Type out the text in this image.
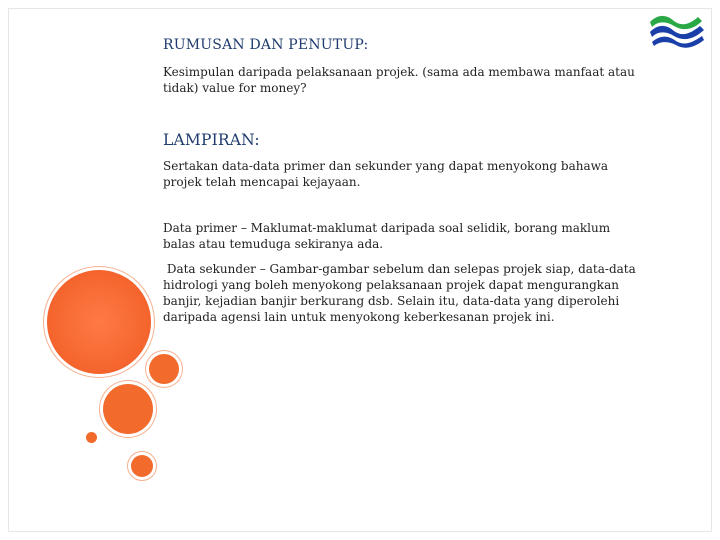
RUMUSAN DAN PENUTUP:

Kesimpulan daripada pelaksanaan projek. (sama ada membawa manfaat atau tidak) value for money?

LAMPIRAN:

Sertakan data-data primer dan sekunder yang dapat menyokong bahawa projek telah mencapai kejayaan.

Data primer – Maklumat-maklumat daripada soal selidik, borang maklum balas atau temuduga sekiranya ada.

Data sekunder – Gambar-gambar sebelum dan selepas projek siap, data-data hidrologi yang boleh menyokong pelaksanaan projek dapat mengurangkan banjir, kejadian banjir berkurang dsb. Selain itu, data-data yang diperolehi daripada agensi lain untuk menyokong keberkesanan projek ini.
